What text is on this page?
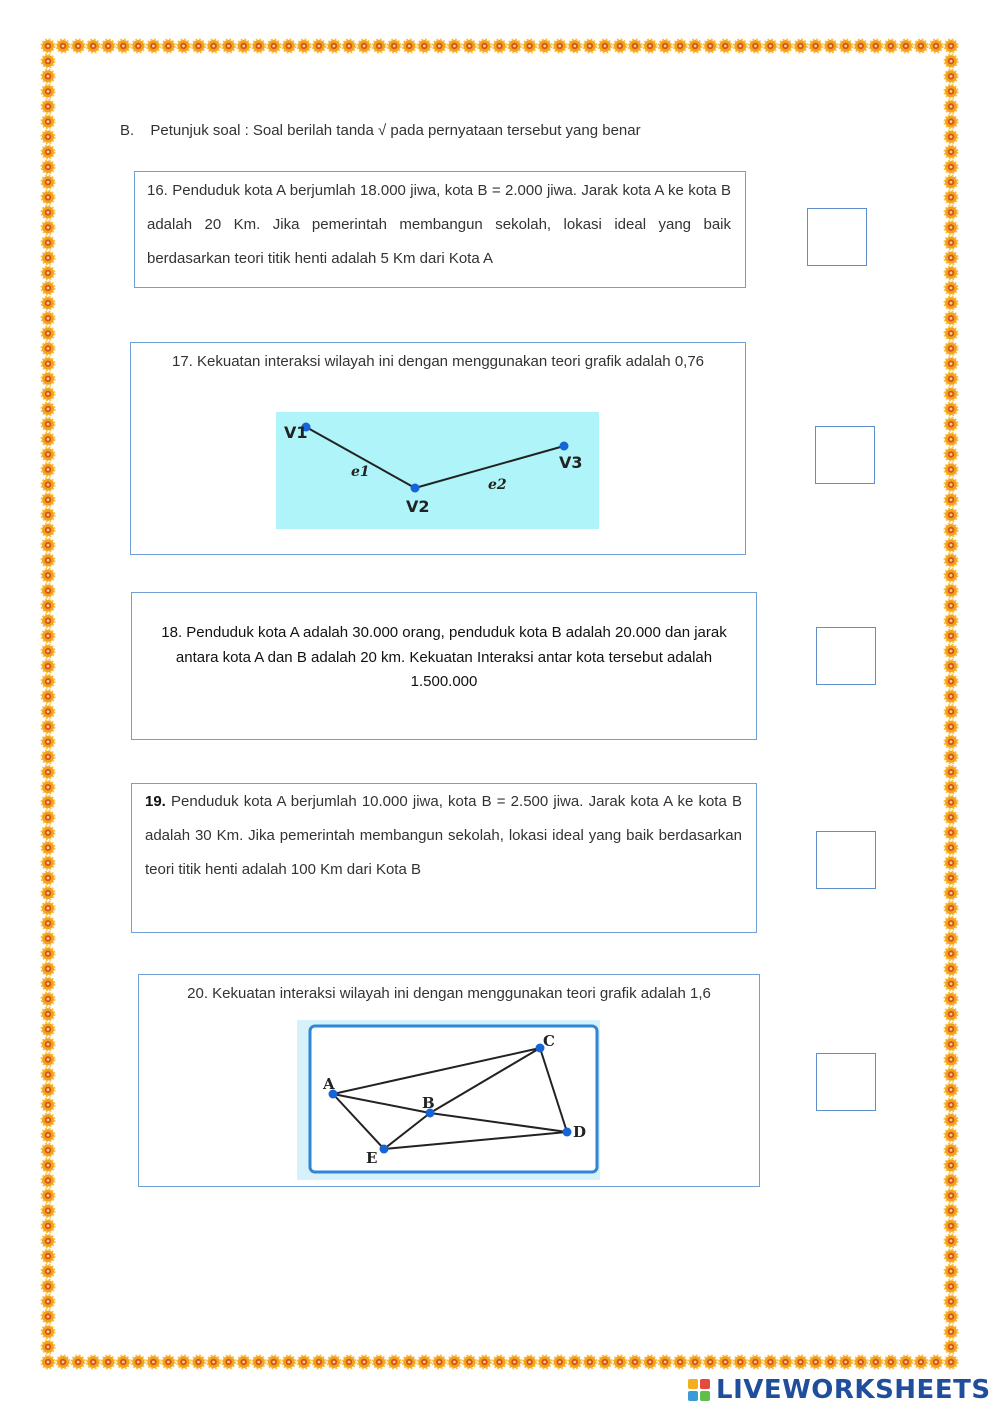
B. Petunjuk soal : Soal berilah tanda √ pada pernyataan tersebut yang benar
16. Penduduk kota A berjumlah 18.000 jiwa, kota B = 2.000 jiwa. Jarak kota A ke kota B adalah 20 Km. Jika pemerintah membangun sekolah, lokasi ideal yang baik berdasarkan teori titik henti adalah 5 Km dari Kota A
17. Kekuatan interaksi wilayah ini dengan menggunakan teori grafik adalah 0,76
V1
V2
V3
e1
e2
18. Penduduk kota A adalah 30.000 orang, penduduk kota B adalah 20.000 dan jarak antara kota A dan B adalah 20 km. Kekuatan Interaksi antar kota tersebut adalah 1.500.000
19. Penduduk kota A berjumlah 10.000 jiwa, kota B = 2.500 jiwa. Jarak kota A ke kota B adalah 30 Km. Jika pemerintah membangun sekolah, lokasi ideal yang baik berdasarkan teori titik henti adalah 100 Km dari Kota B
20. Kekuatan interaksi wilayah ini dengan menggunakan teori grafik adalah 1,6
A
B
C
D
E
LIVEWORKSHEETS
